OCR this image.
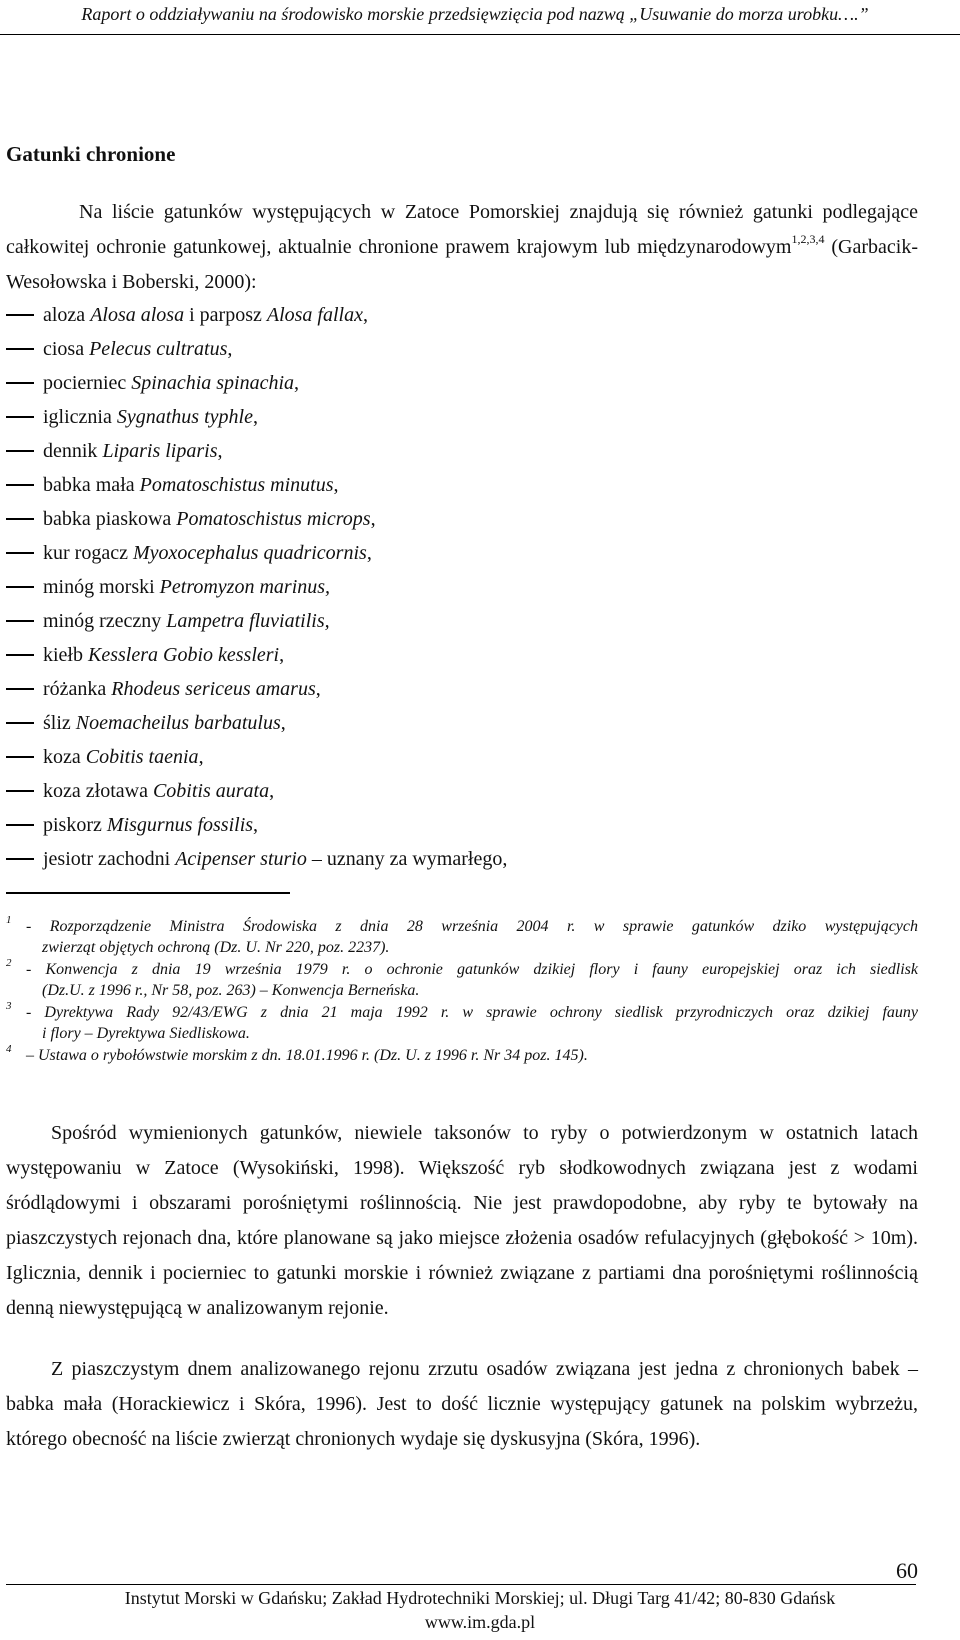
Raport o oddziaływaniu na środowisko morskie przedsięwzięcia pod nazwą „Usuwanie do morza urobku….”
Gatunki chronione
Na liście gatunków występujących w Zatoce Pomorskiej znajdują się również gatunki podlegające całkowitej ochronie gatunkowej, aktualnie chronione prawem krajowym lub międzynarodowym$^{1,2,3,4}$ (Garbacik-Wesołowska i Boberski, 2000):
aloza Alosa alosa i parposz Alosa fallax,
ciosa Pelecus cultratus,
pocierniec Spinachia spinachia,
iglicznia Sygnathus typhle,
dennik Liparis liparis,
babka mała Pomatoschistus minutus,
babka piaskowa Pomatoschistus microps,
kur rogacz Myoxocephalus quadricornis,
minóg morski Petromyzon marinus,
minóg rzeczny Lampetra fluviatilis,
kiełb Kesslera Gobio kessleri,
różanka Rhodeus sericeus amarus,
śliz Noemacheilus barbatulus,
koza Cobitis taenia,
koza złotawa Cobitis aurata,
piskorz Misgurnus fossilis,
jesiotr zachodni Acipenser sturio – uznany za wymarłego,
1 - Rozporządzenie Ministra Środowiska z dnia 28 września 2004 r. w sprawie gatunków dziko występujących
zwierząt objętych ochroną (Dz. U. Nr 220, poz. 2237).
2 - Konwencja z dnia 19 września 1979 r. o ochronie gatunków dzikiej flory i fauny europejskiej oraz ich siedlisk
(Dz.U. z 1996 r., Nr 58, poz. 263) – Konwencja Berneńska.
3 - Dyrektywa Rady 92/43/EWG z dnia 21 maja 1992 r. w sprawie ochrony siedlisk przyrodniczych oraz dzikiej fauny
i flory – Dyrektywa Siedliskowa.
4 – Ustawa o rybołówstwie morskim z dn. 18.01.1996 r. (Dz. U. z 1996 r. Nr 34 poz. 145).

Spośród wymienionych gatunków, niewiele taksonów to ryby o potwierdzonym w ostatnich latach występowaniu w Zatoce (Wysokiński, 1998). Większość ryb słodkowodnych związana jest z wodami śródlądowymi i obszarami porośniętymi roślinnością. Nie jest prawdopodobne, aby ryby te bytowały na piaszczystych rejonach dna, które planowane są jako miejsce złożenia osadów refulacyjnych (głębokość > 10m). Iglicznia, dennik i pocierniec to gatunki morskie i również związane z partiami dna porośniętymi roślinnością denną niewystępującą w analizowanym rejonie.

Z piaszczystym dnem analizowanego rejonu zrzutu osadów związana jest jedna z chronionych babek – babka mała (Horackiewicz i Skóra, 1996). Jest to dość licznie występujący gatunek na polskim wybrzeżu, którego obecność na liście zwierząt chronionych wydaje się dyskusyjna (Skóra, 1996).

60
Instytut Morski w Gdańsku; Zakład Hydrotechniki Morskiej; ul. Długi Targ 41/42; 80-830 Gdańsk
www.im.gda.pl
